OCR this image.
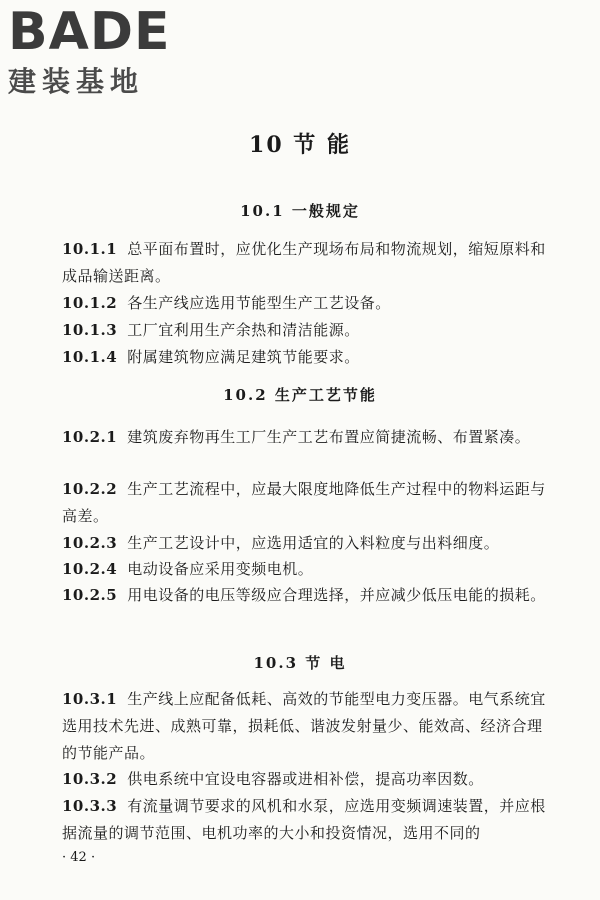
BADE
建装基地
10 节 能
10.1 一般规定
10.1.1 总平面布置时，应优化生产现场布局和物流规划，缩短原料和成品输送距离。
10.1.2 各生产线应选用节能型生产工艺设备。
10.1.3 工厂宜利用生产余热和清洁能源。
10.1.4 附属建筑物应满足建筑节能要求。
10.2 生产工艺节能
10.2.1 建筑废弃物再生工厂生产工艺布置应简捷流畅、布置紧凑。
10.2.2 生产工艺流程中，应最大限度地降低生产过程中的物料运距与高差。
10.2.3 生产工艺设计中，应选用适宜的入料粒度与出料细度。
10.2.4 电动设备应采用变频电机。
10.2.5 用电设备的电压等级应合理选择，并应减少低压电能的损耗。
10.3 节 电
10.3.1 生产线上应配备低耗、高效的节能型电力变压器。电气系统宜选用技术先进、成熟可靠，损耗低、谐波发射量少、能效高、经济合理的节能产品。
10.3.2 供电系统中宜设电容器或进相补偿，提高功率因数。
10.3.3 有流量调节要求的风机和水泵，应选用变频调速装置，并应根据流量的调节范围、电机功率的大小和投资情况，选用不同的
· 42 ·
